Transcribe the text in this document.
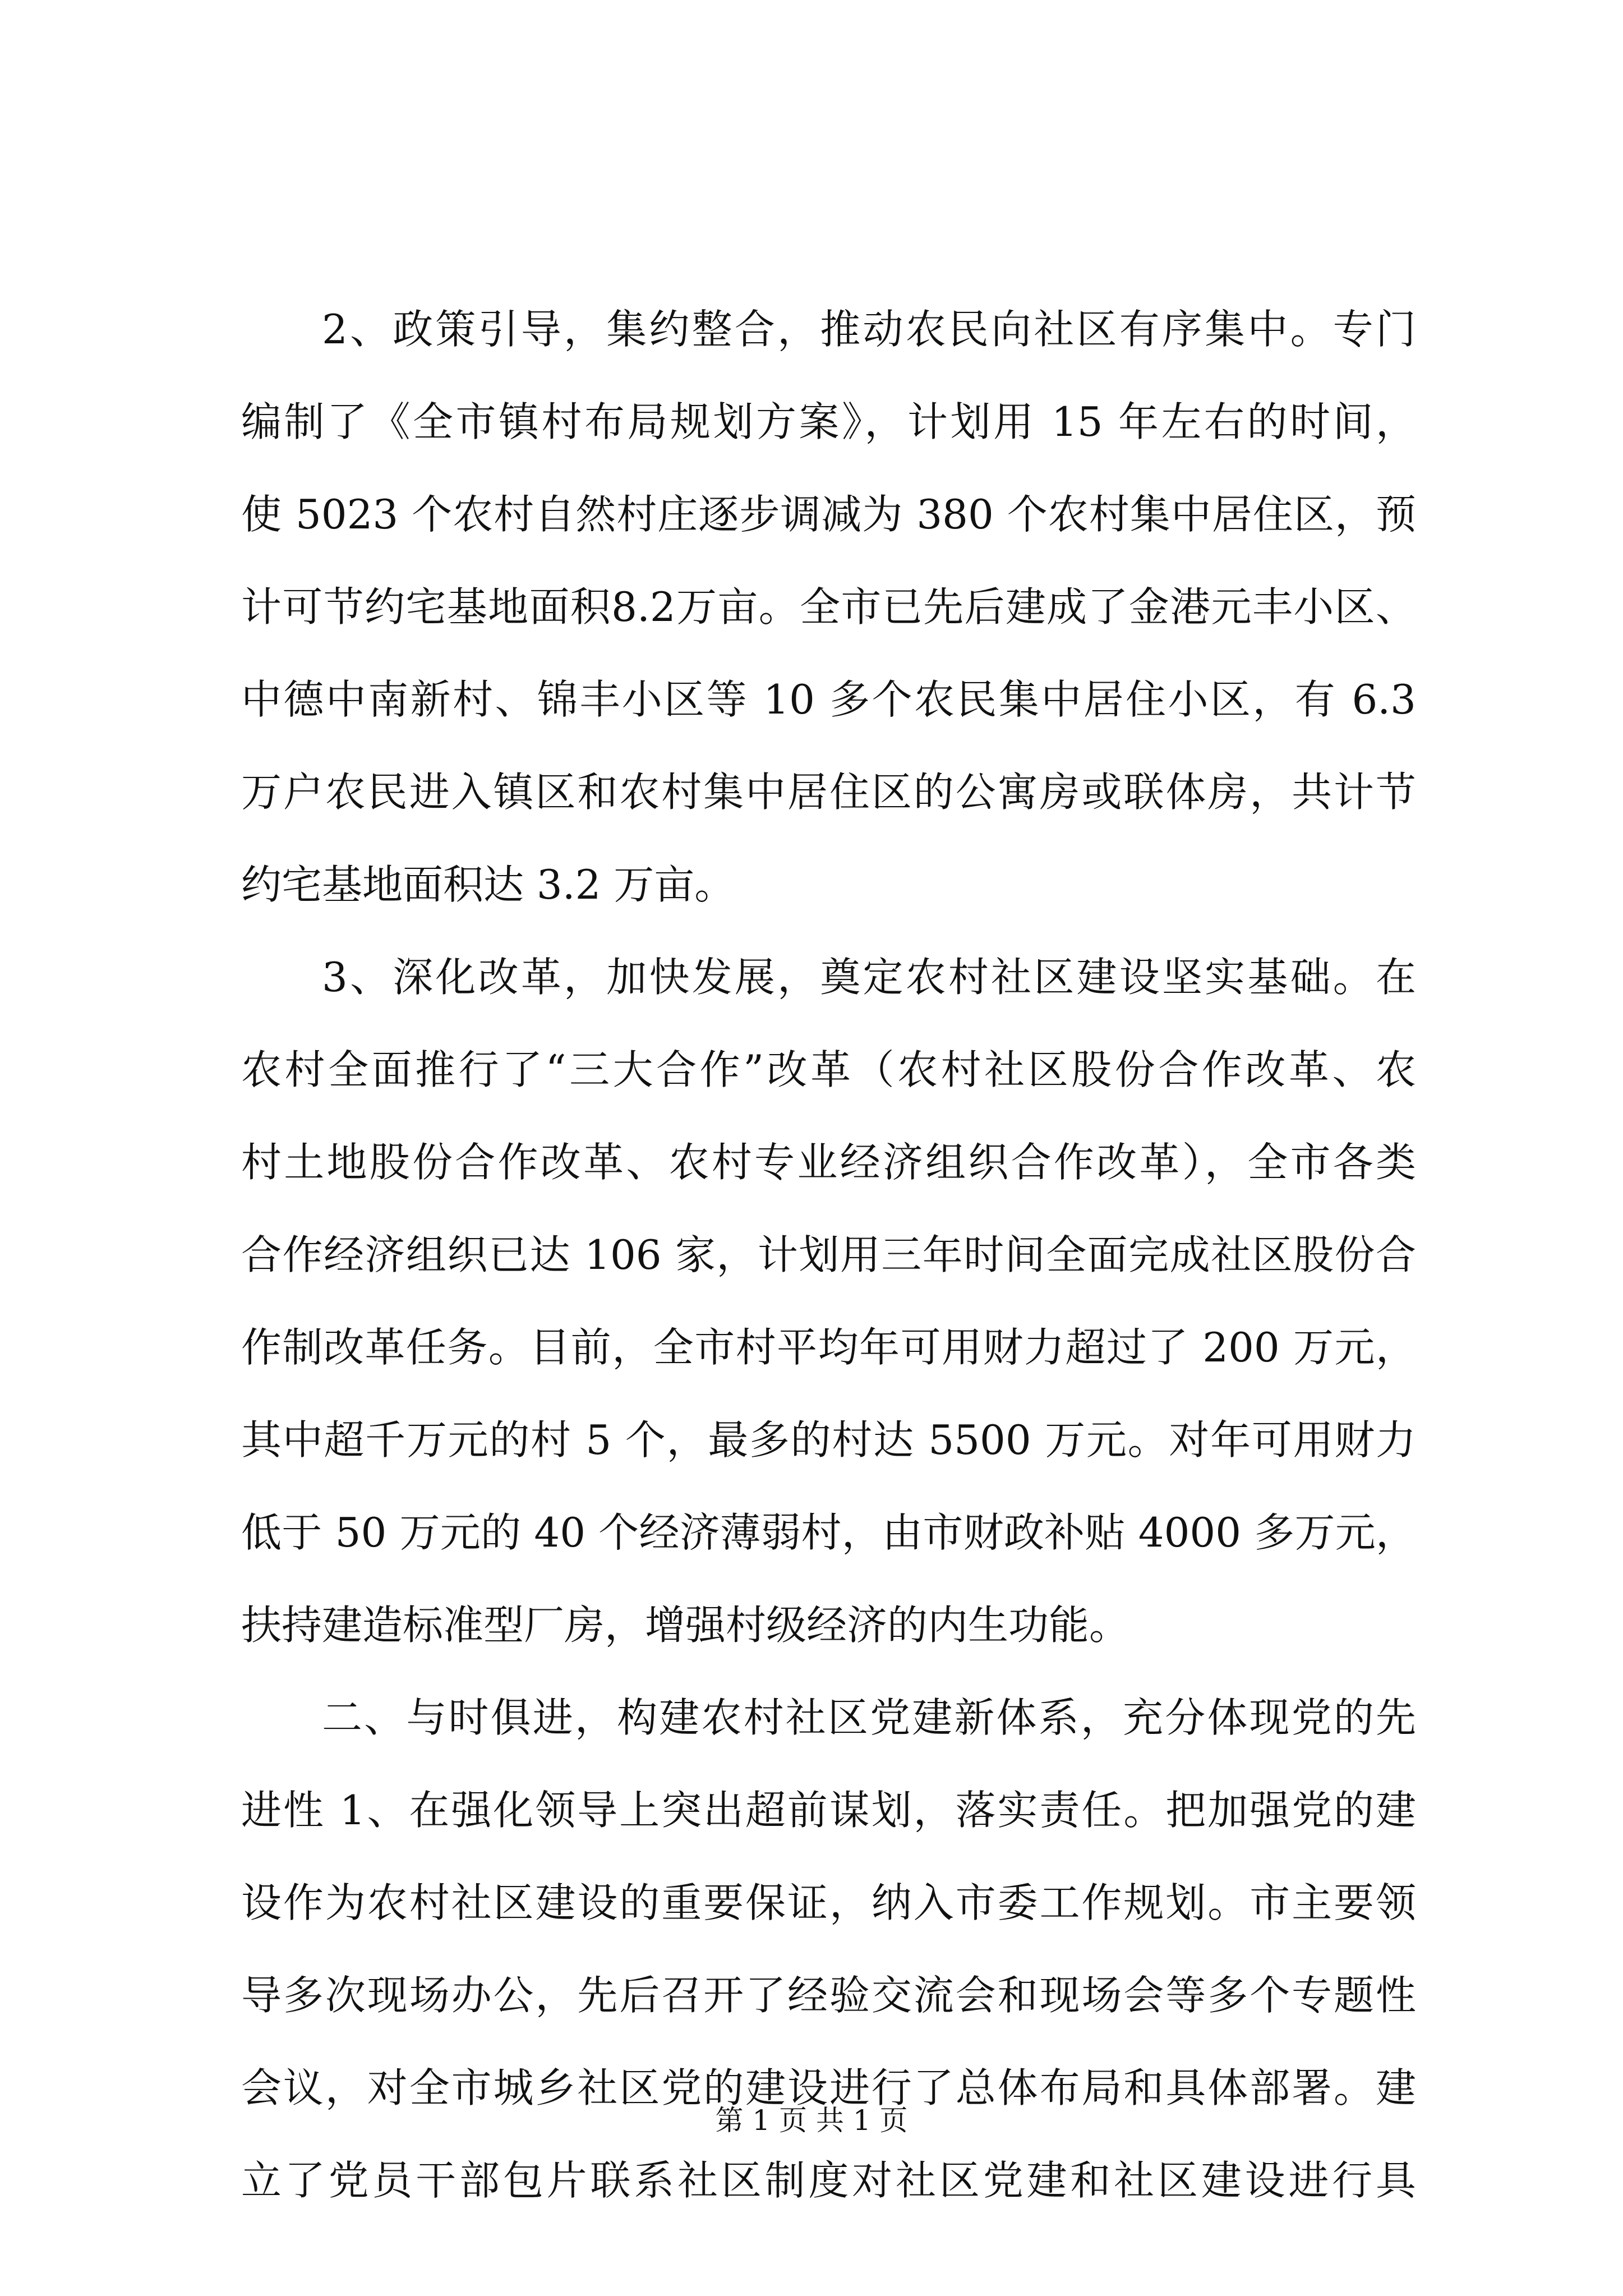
2、政策引导，集约整合，推动农民向社区有序集中。专门
编制了《全市镇村布局规划方案》，计划用 15 年左右的时间，
使 5023 个农村自然村庄逐步调减为 380 个农村集中居住区，预
计可节约宅基地面积8.2万亩。全市已先后建成了金港元丰小区、
中德中南新村、锦丰小区等 10 多个农民集中居住小区，有 6.3
万户农民进入镇区和农村集中居住区的公寓房或联体房，共计节
约宅基地面积达 3.2 万亩。
3、深化改革，加快发展，奠定农村社区建设坚实基础。在
农村全面推行了“三大合作”改革（农村社区股份合作改革、农
村土地股份合作改革、农村专业经济组织合作改革），全市各类
合作经济组织已达 106 家，计划用三年时间全面完成社区股份合
作制改革任务。目前，全市村平均年可用财力超过了 200 万元，
其中超千万元的村 5 个，最多的村达 5500 万元。对年可用财力
低于 50 万元的 40 个经济薄弱村，由市财政补贴 4000 多万元，
扶持建造标准型厂房，增强村级经济的内生功能。
二、与时俱进，构建农村社区党建新体系，充分体现党的先
进性 1、在强化领导上突出超前谋划，落实责任。把加强党的建
设作为农村社区建设的重要保证，纳入市委工作规划。市主要领
导多次现场办公，先后召开了经验交流会和现场会等多个专题性
会议，对全市城乡社区党的建设进行了总体布局和具体部署。建
立了党员干部包片联系社区制度对社区党建和社区建设进行具
第 1 页 共 1 页
